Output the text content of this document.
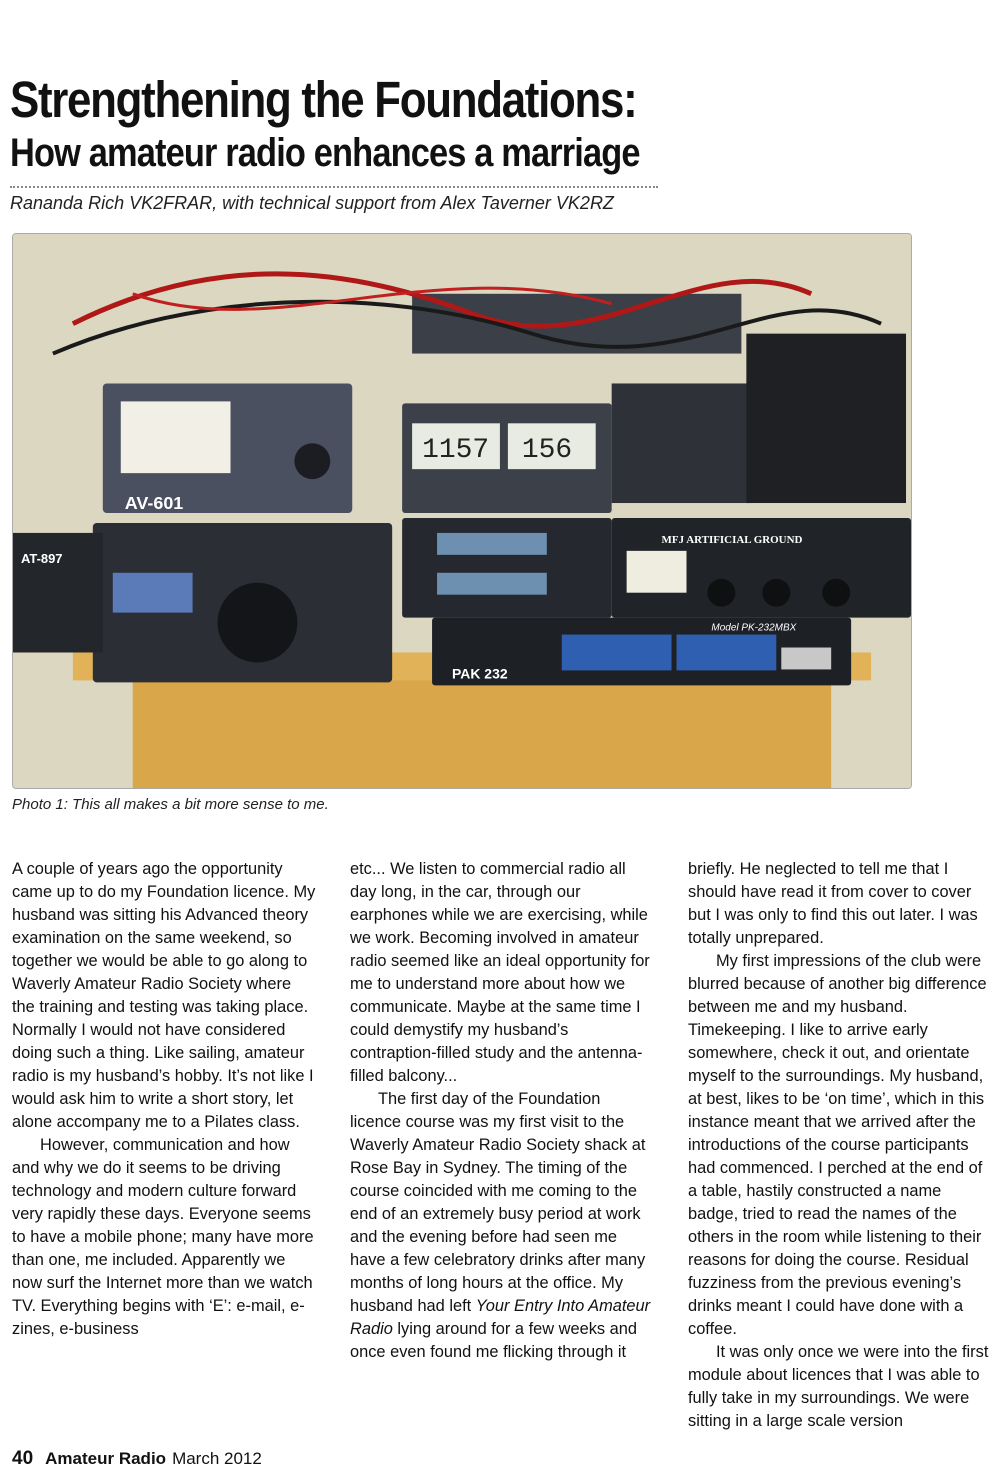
Strengthening the Foundations:
How amateur radio enhances a marriage
Rananda Rich VK2FRAR, with technical support from Alex Taverner VK2RZ
AV-601
AT-897
1157 156
MFJ ARTIFICIAL GROUND
PAK 232
Model PK-232MBX
Photo 1: This all makes a bit more sense to me.

A couple of years ago the opportunity came up to do my Foundation licence. My husband was sitting his Advanced theory examination on the same weekend, so together we would be able to go along to Waverly Amateur Radio Society where the training and testing was taking place. Normally I would not have considered doing such a thing. Like sailing, amateur radio is my husband’s hobby. It’s not like I would ask him to write a short story, let alone accompany me to a Pilates class.

However, communication and how and why we do it seems to be driving technology and modern culture forward very rapidly these days. Everyone seems to have a mobile phone; many have more than one, me included. Apparently we now surf the Internet more than we watch TV. Everything begins with ‘E’: e-mail, e-zines, e-business

etc... We listen to commercial radio all day long, in the car, through our earphones while we are exercising, while we work. Becoming involved in amateur radio seemed like an ideal opportunity for me to understand more about how we communicate. Maybe at the same time I could demystify my husband’s contraption-filled study and the antenna-filled balcony...

The first day of the Foundation licence course was my first visit to the Waverly Amateur Radio Society shack at Rose Bay in Sydney. The timing of the course coincided with me coming to the end of an extremely busy period at work and the evening before had seen me have a few celebratory drinks after many months of long hours at the office. My husband had left Your Entry Into Amateur Radio lying around for a few weeks and once even found me flicking through it

briefly. He neglected to tell me that I should have read it from cover to cover but I was only to find this out later. I was totally unprepared.

My first impressions of the club were blurred because of another big difference between me and my husband. Timekeeping. I like to arrive early somewhere, check it out, and orientate myself to the surroundings. My husband, at best, likes to be ‘on time’, which in this instance meant that we arrived after the introductions of the course participants had commenced. I perched at the end of a table, hastily constructed a name badge, tried to read the names of the others in the room while listening to their reasons for doing the course. Residual fuzziness from the previous evening’s drinks meant I could have done with a coffee.

It was only once we were into the first module about licences that I was able to fully take in my surroundings. We were sitting in a large scale version

40 Amateur Radio March 2012
